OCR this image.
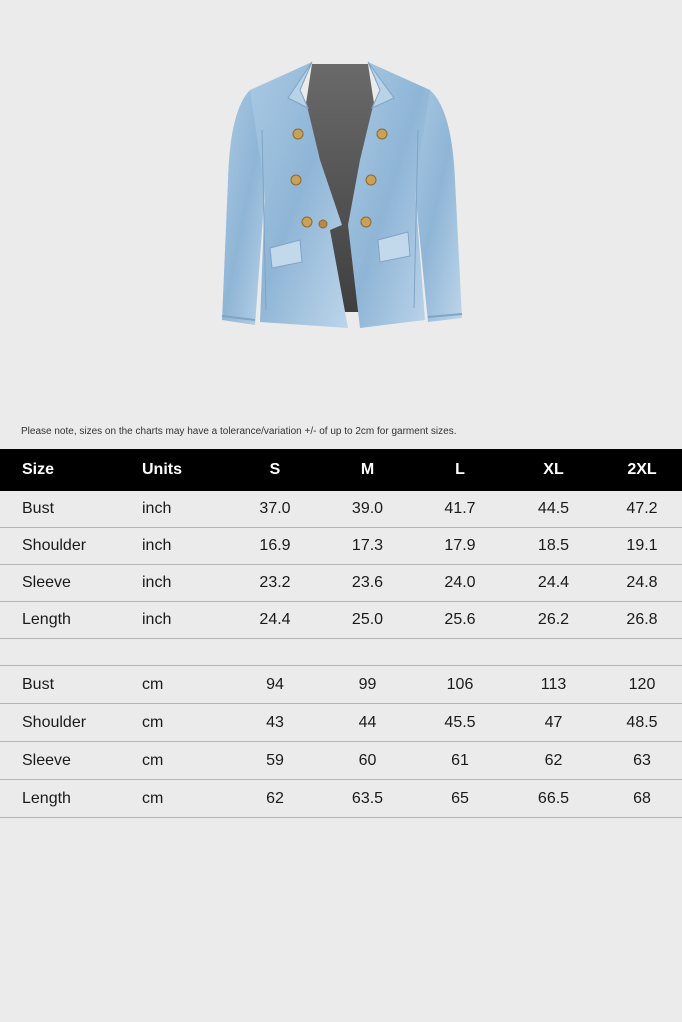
Please note, sizes on the charts may have a tolerance/variation +/- of up to 2cm for garment sizes.
Size	Units	S	M	L	XL	2XL
Bust	inch	37.0	39.0	41.7	44.5	47.2
Shoulder	inch	16.9	17.3	17.9	18.5	19.1
Sleeve	inch	23.2	23.6	24.0	24.4	24.8
Length	inch	24.4	25.0	25.6	26.2	26.8

Bust	cm	94	99	106	113	120
Shoulder	cm	43	44	45.5	47	48.5
Sleeve	cm	59	60	61	62	63
Length	cm	62	63.5	65	66.5	68
